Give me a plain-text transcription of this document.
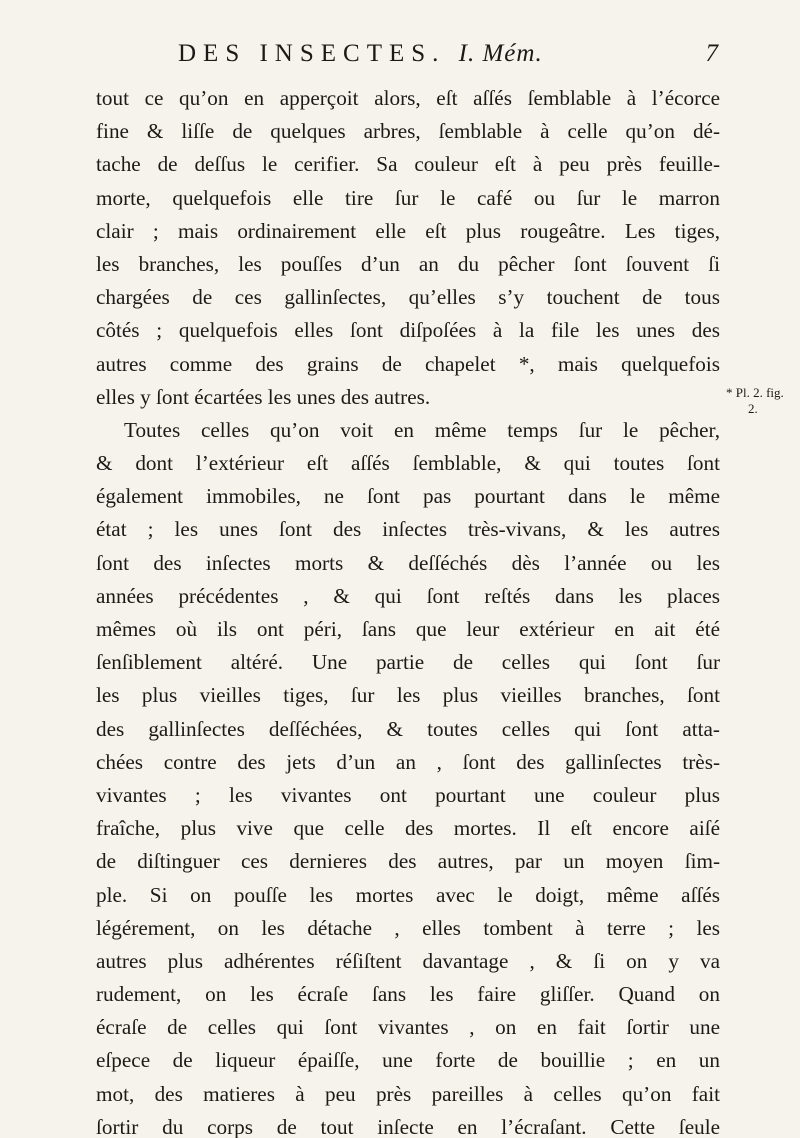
DES INSECTES. I. Mém.	7
* Pl. 2. fig.
2.
tout ce qu’on en apperçoit alors, eſt aſſés ſemblable à l’écorce
fine & liſſe de quelques arbres, ſemblable à celle qu’on dé-
tache de deſſus le cerifier. Sa couleur eſt à peu près feuille-
morte, quelquefois elle tire ſur le café ou ſur le marron
clair ; mais ordinairement elle eſt plus rougeâtre. Les tiges,
les branches, les pouſſes d’un an du pêcher ſont ſouvent ſi
chargées de ces gallinſectes, qu’elles s’y touchent de tous
côtés ; quelquefois elles ſont diſpoſées à la file les unes des
autres comme des grains de chapelet *, mais quelquefois
elles y ſont écartées les unes des autres.
Toutes celles qu’on voit en même temps ſur le pêcher,
& dont l’extérieur eſt aſſés ſemblable, & qui toutes ſont
également immobiles, ne ſont pas pourtant dans le même
état ; les unes ſont des inſectes très-vivans, & les autres
ſont des inſectes morts & deſſéchés dès l’année ou les
années précédentes , & qui ſont reſtés dans les places
mêmes où ils ont péri, ſans que leur extérieur en ait été
ſenſiblement altéré. Une partie de celles qui ſont ſur
les plus vieilles tiges, ſur les plus vieilles branches, ſont
des gallinſectes deſſéchées, & toutes celles qui ſont atta-
chées contre des jets d’un an , ſont des gallinſectes très-
vivantes ; les vivantes ont pourtant une couleur plus
fraîche, plus vive que celle des mortes. Il eſt encore aiſé
de diſtinguer ces dernieres des autres, par un moyen ſim-
ple. Si on pouſſe les mortes avec le doigt, même aſſés
légérement, on les détache , elles tombent à terre ; les
autres plus adhérentes réſiſtent davantage , & ſi on y va
rudement, on les écraſe ſans les faire gliſſer. Quand on
écraſe de celles qui ſont vivantes , on en fait ſortir une
eſpece de liqueur épaiſſe, une forte de bouillie ; en un
mot, des matieres à peu près pareilles à celles qu’on fait
ſortir du corps de tout inſecte en l’écraſant. Cette ſeule
